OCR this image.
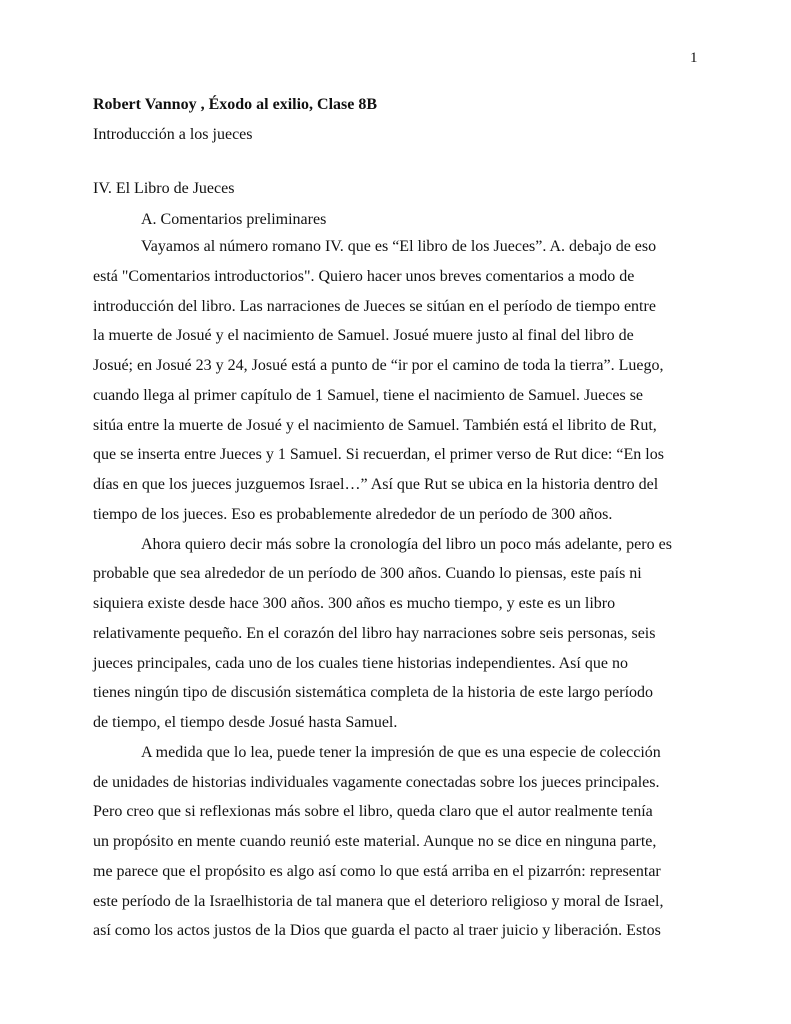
1
Robert Vannoy , Éxodo al exilio, Clase 8B
Introducción a los jueces
IV. El Libro de Jueces
A. Comentarios preliminares
Vayamos al número romano IV. que es “El libro de los Jueces”. A. debajo de eso
está "Comentarios introductorios". Quiero hacer unos breves comentarios a modo de
introducción del libro. Las narraciones de Jueces se sitúan en el período de tiempo entre
la muerte de Josué y el nacimiento de Samuel. Josué muere justo al final del libro de
Josué; en Josué 23 y 24, Josué está a punto de “ir por el camino de toda la tierra”. Luego,
cuando llega al primer capítulo de 1 Samuel, tiene el nacimiento de Samuel. Jueces se
sitúa entre la muerte de Josué y el nacimiento de Samuel. También está el librito de Rut,
que se inserta entre Jueces y 1 Samuel. Si recuerdan, el primer verso de Rut dice: “En los
días en que los jueces juzguemos Israel…” Así que Rut se ubica en la historia dentro del
tiempo de los jueces. Eso es probablemente alrededor de un período de 300 años.
Ahora quiero decir más sobre la cronología del libro un poco más adelante, pero es
probable que sea alrededor de un período de 300 años. Cuando lo piensas, este país ni
siquiera existe desde hace 300 años. 300 años es mucho tiempo, y este es un libro
relativamente pequeño. En el corazón del libro hay narraciones sobre seis personas, seis
jueces principales, cada uno de los cuales tiene historias independientes. Así que no
tienes ningún tipo de discusión sistemática completa de la historia de este largo período
de tiempo, el tiempo desde Josué hasta Samuel.
A medida que lo lea, puede tener la impresión de que es una especie de colección
de unidades de historias individuales vagamente conectadas sobre los jueces principales.
Pero creo que si reflexionas más sobre el libro, queda claro que el autor realmente tenía
un propósito en mente cuando reunió este material. Aunque no se dice en ninguna parte,
me parece que el propósito es algo así como lo que está arriba en el pizarrón: representar
este período de la Israelhistoria de tal manera que el deterioro religioso y moral de Israel,
así como los actos justos de la Dios que guarda el pacto al traer juicio y liberación. Estos
